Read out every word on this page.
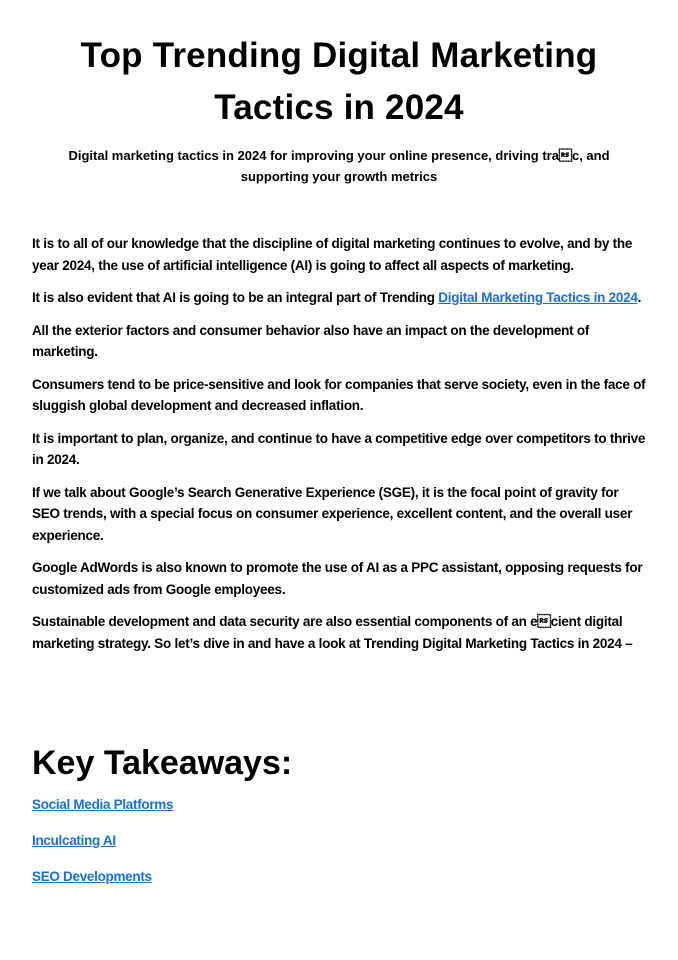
Top Trending Digital Marketing
Tactics in 2024

Digital marketing tactics in 2024 for improving your online presence, driving trac, and
supporting your growth metrics

It is to all of our knowledge that the discipline of digital marketing continues to evolve, and by the year 2024, the use of artificial intelligence (AI) is going to affect all aspects of marketing.

It is also evident that AI is going to be an integral part of Trending Digital Marketing Tactics in 2024.

All the exterior factors and consumer behavior also have an impact on the development of marketing.

Consumers tend to be price-sensitive and look for companies that serve society, even in the face of sluggish global development and decreased inflation.

It is important to plan, organize, and continue to have a competitive edge over competitors to thrive in 2024.

If we talk about Google’s Search Generative Experience (SGE), it is the focal point of gravity for SEO trends, with a special focus on consumer experience, excellent content, and the overall user experience.

Google AdWords is also known to promote the use of AI as a PPC assistant, opposing requests for customized ads from Google employees.

Sustainable development and data security are also essential components of an ecient digital marketing strategy. So let’s dive in and have a look at Trending Digital Marketing Tactics in 2024 –

Key Takeaways:
Social Media Platforms
Inculcating AI
SEO Developments
